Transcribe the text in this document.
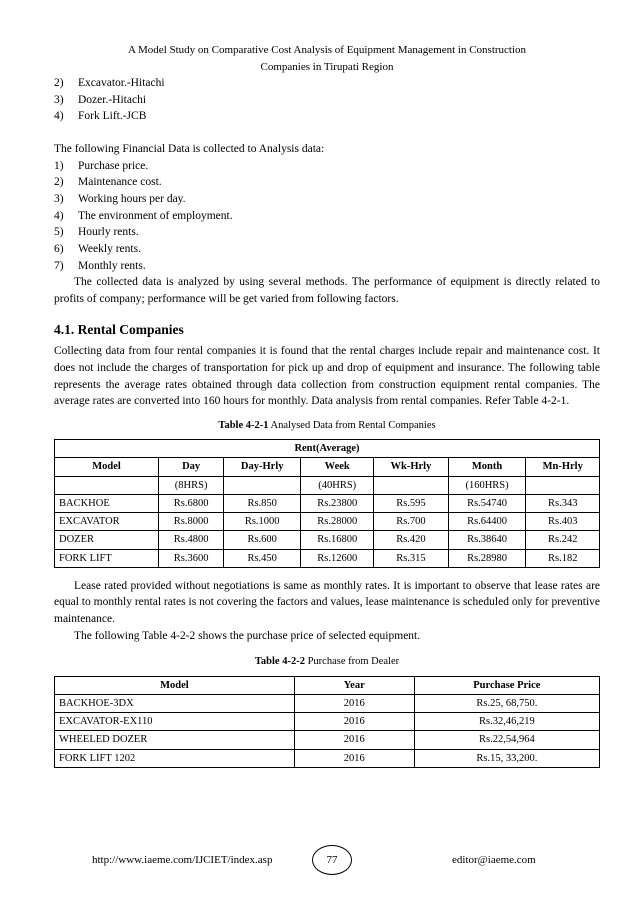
A Model Study on Comparative Cost Analysis of Equipment Management in Construction
Companies in Tirupati Region
2)	Excavator.-Hitachi
3)	Dozer.-Hitachi
4)	Fork Lift.-JCB
The following Financial Data is collected to Analysis data:
1)	Purchase price.
2)	Maintenance cost.
3)	Working hours per day.
4)	The environment of employment.
5)	Hourly rents.
6)	Weekly rents.
7)	Monthly rents.
The collected data is analyzed by using several methods. The performance of equipment is directly related to profits of company; performance will be get varied from following factors.
4.1. Rental Companies
Collecting data from four rental companies it is found that the rental charges include repair and maintenance cost. It does not include the charges of transportation for pick up and drop of equipment and insurance. The following table represents the average rates obtained through data collection from construction equipment rental companies. The average rates are converted into 160 hours for monthly. Data analysis from rental companies. Refer Table 4-2-1.
Table 4-2-1 Analysed Data from Rental Companies
Rent(Average)						
Model	Day	Day-Hrly	Week	Wk-Hrly	Month	Mn-Hrly
	(8HRS)		(40HRS)		(160HRS)	
BACKHOE	Rs.6800	Rs.850	Rs.23800	Rs.595	Rs.54740	Rs.343
EXCAVATOR	Rs.8000	Rs.1000	Rs.28000	Rs.700	Rs.64400	Rs.403
DOZER	Rs.4800	Rs.600	Rs.16800	Rs.420	Rs.38640	Rs.242
FORK LIFT	Rs.3600	Rs.450	Rs.12600	Rs.315	Rs.28980	Rs.182
Lease rated provided without negotiations is same as monthly rates. It is important to observe that lease rates are equal to monthly rental rates is not covering the factors and values, lease maintenance is scheduled only for preventive maintenance.
The following Table 4-2-2 shows the purchase price of selected equipment.
Table 4-2-2 Purchase from Dealer
Model	Year	Purchase Price
BACKHOE-3DX	2016	Rs.25, 68,750.
EXCAVATOR-EX110	2016	Rs.32,46,219
WHEELED DOZER	2016	Rs.22,54,964
FORK LIFT 1202	2016	Rs.15, 33,200.
http://www.iaeme.com/IJCIET/index.asp	77	editor@iaeme.com
